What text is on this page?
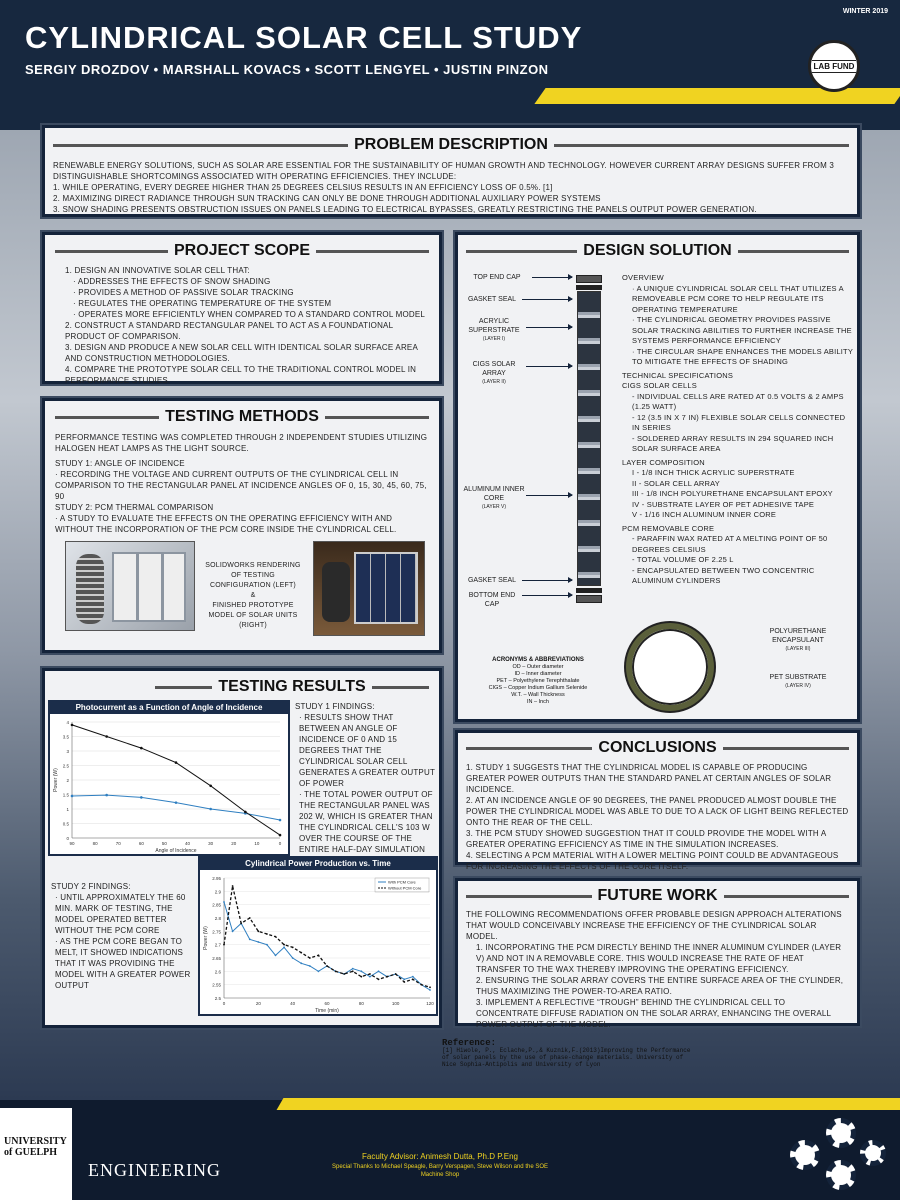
WINTER 2019
CYLINDRICAL SOLAR CELL STUDY
SERGIY DROZDOV • MARSHALL KOVACS • SCOTT LENGYEL • JUSTIN PINZON	LAB FUND
PROBLEM DESCRIPTION

RENEWABLE ENERGY SOLUTIONS, SUCH AS SOLAR ARE ESSENTIAL FOR THE SUSTAINABILITY OF HUMAN GROWTH AND TECHNOLOGY. HOWEVER CURRENT ARRAY DESIGNS SUFFER FROM 3 DISTINGUISHABLE SHORTCOMINGS ASSOCIATED WITH OPERATING EFFICIENCIES. THEY INCLUDE:

1. WHILE OPERATING, EVERY DEGREE HIGHER THAN 25 DEGREES CELSIUS RESULTS IN AN EFFICIENCY LOSS OF 0.5%. [1]

2. MAXIMIZING DIRECT RADIANCE THROUGH SUN TRACKING CAN ONLY BE DONE THROUGH ADDITIONAL AUXILIARY POWER SYSTEMS

3. SNOW SHADING PRESENTS OBSTRUCTION ISSUES ON PANELS LEADING TO ELECTRICAL BYPASSES, GREATLY RESTRICTING THE PANELS OUTPUT POWER GENERATION.

PROJECT SCOPE

1. DESIGN AN INNOVATIVE SOLAR CELL THAT:

· ADDRESSES THE EFFECTS OF SNOW SHADING

· PROVIDES A METHOD OF PASSIVE SOLAR TRACKING

· REGULATES THE OPERATING TEMPERATURE OF THE SYSTEM

· OPERATES MORE EFFICIENTLY WHEN COMPARED TO A STANDARD CONTROL MODEL

2. CONSTRUCT A STANDARD RECTANGULAR PANEL TO ACT AS A FOUNDATIONAL PRODUCT OF COMPARISON.

3. DESIGN AND PRODUCE A NEW SOLAR CELL WITH IDENTICAL SOLAR SURFACE AREA AND CONSTRUCTION METHODOLOGIES.

4. COMPARE THE PROTOTYPE SOLAR CELL TO THE TRADITIONAL CONTROL MODEL IN PERFORMANCE STUDIES.

TESTING METHODS

PERFORMANCE TESTING WAS COMPLETED THROUGH 2 INDEPENDENT STUDIES UTILIZING HALOGEN HEAT LAMPS AS THE LIGHT SOURCE.

STUDY 1: ANGLE OF INCIDENCE

· RECORDING THE VOLTAGE AND CURRENT OUTPUTS OF THE CYLINDRICAL CELL IN COMPARISON TO THE RECTANGULAR PANEL AT INCIDENCE ANGLES OF 0, 15, 30, 45, 60, 75, 90

STUDY 2: PCM THERMAL COMPARISON

· A STUDY TO EVALUATE THE EFFECTS ON THE OPERATING EFFICIENCY WITH AND WITHOUT THE INCORPORATION OF THE PCM CORE INSIDE THE CYLINDRICAL CELL.

SOLIDWORKS RENDERING OF TESTING CONFIGURATION (LEFT)

&

FINISHED PROTOTYPE MODEL OF SOLAR UNITS (RIGHT)

TESTING RESULTS

STUDY 1 FINDINGS:

· RESULTS SHOW THAT BETWEEN AN ANGLE OF INCIDENCE OF 0 AND 15 DEGREES THAT THE CYLINDRICAL SOLAR CELL GENERATES A GREATER OUTPUT OF POWER

· THE TOTAL POWER OUTPUT OF THE RECTANGULAR PANEL WAS 202 W, WHICH IS GREATER THAN THE CYLINDRICAL CELL'S 103 W OVER THE COURSE OF THE ENTIRE HALF-DAY SIMULATION

STUDY 2 FINDINGS:

· UNTIL APPROXIMATELY THE 60 MIN. MARK OF TESTING, THE MODEL OPERATED BETTER WITHOUT THE PCM CORE

· AS THE PCM CORE BEGAN TO MELT, IT SHOWED INDICATIONS THAT IT WAS PROVIDING THE MODEL WITH A GREATER POWER OUTPUT

Photocurrent as a Function of Angle of Incidence
0
0.5
1
1.5
2
2.5
3
3.5
4
90	80	70	60	50	40	30	20	10	0
Angle of Incidence
Power (W)
Cylindrical Power Production vs. Time
2.5
2.55
2.6
2.65
2.7
2.75
2.8
2.85
2.9
2.95
0	20	40	60	80	100	120
Time (min)
Power (W)
With PCM Core
Without PCM Core
DESIGN SOLUTION
TOP END CAP
GASKET SEAL
ACRYLIC SUPERSTRATE
(LAYER I)
CIGS SOLAR ARRAY
(LAYER II)
ALUMINUM INNER CORE
(LAYER V)
GASKET SEAL
BOTTOM END CAP

OVERVIEW

· A UNIQUE CYLINDRICAL SOLAR CELL THAT UTILIZES A REMOVEABLE PCM CORE TO HELP REGULATE ITS OPERATING TEMPERATURE

· THE CYLINDRICAL GEOMETRY PROVIDES PASSIVE SOLAR TRACKING ABILITIES TO FURTHER INCREASE THE SYSTEMS PERFORMANCE EFFICIENCY

· THE CIRCULAR SHAPE ENHANCES THE MODELS ABILITY TO MITIGATE THE EFFECTS OF SHADING

TECHNICAL SPECIFICATIONS

CIGS SOLAR CELLS

- INDIVIDUAL CELLS ARE RATED AT 0.5 VOLTS & 2 AMPS (1.25 WATT)

- 12 (3.5 IN X 7 IN) FLEXIBLE SOLAR CELLS CONNECTED IN SERIES

- SOLDERED ARRAY RESULTS IN 294 SQUARED INCH SOLAR SURFACE AREA

LAYER COMPOSITION

I - 1/8 INCH THICK ACRYLIC SUPERSTRATE

II - SOLAR CELL ARRAY

III - 1/8 INCH POLYURETHANE ENCAPSULANT EPOXY

IV - SUBSTRATE LAYER OF PET ADHESIVE TAPE

V - 1/16 INCH ALUMINUM INNER CORE

PCM REMOVABLE CORE

- PARAFFIN WAX RATED AT A MELTING POINT OF 50 DEGREES CELSIUS

- TOTAL VOLUME OF 2.25 L

- ENCAPSULATED BETWEEN TWO CONCENTRIC ALUMINUM CYLINDERS

POLYURETHANE ENCAPSULANT
(LAYER III)
PET SUBSTRATE
(LAYER IV)
ACRONYMS & ABBREVIATIONS
OD – Outer diameter
ID – Inner diameter
PET – Polyethylene Terephthalate
CIGS – Copper Indium Gallium Selenide
W.T. – Wall Thickness
IN – Inch
CONCLUSIONS

1. STUDY 1 SUGGESTS THAT THE CYLINDRICAL MODEL IS CAPABLE OF PRODUCING GREATER POWER OUTPUTS THAN THE STANDARD PANEL AT CERTAIN ANGLES OF SOLAR INCIDENCE.

2. AT AN INCIDENCE ANGLE OF 90 DEGREES, THE PANEL PRODUCED ALMOST DOUBLE THE POWER THE CYLINDRICAL MODEL WAS ABLE TO DUE TO A LACK OF LIGHT BEING REFLECTED ONTO THE REAR OF THE CELL.

3. THE PCM STUDY SHOWED SUGGESTION THAT IT COULD PROVIDE THE MODEL WITH A GREATER OPERATING EFFICIENCY AS TIME IN THE SIMULATION INCREASES.

4. SELECTING A PCM MATERIAL WITH A LOWER MELTING POINT COULD BE ADVANTAGEOUS FOR INCREASING THE EFFECTS OF THE CORE ITSELF.

FUTURE WORK

THE FOLLOWING RECOMMENDATIONS OFFER PROBABLE DESIGN APPROACH ALTERATIONS THAT WOULD CONCEIVABLY INCREASE THE EFFICIENCY OF THE CYLINDRICAL SOLAR MODEL.

1. INCORPORATING THE PCM DIRECTLY BEHIND THE INNER ALUMINUM CYLINDER (LAYER V) AND NOT IN A REMOVABLE CORE. THIS WOULD INCREASE THE RATE OF HEAT TRANSFER TO THE WAX THEREBY IMPROVING THE OPERATING EFFICIENCY.

2. ENSURING THE SOLAR ARRAY COVERS THE ENTIRE SURFACE AREA OF THE CYLINDER, THUS MAXIMIZING THE POWER-TO-AREA RATIO.

3. IMPLEMENT A REFLECTIVE “TROUGH” BEHIND THE CYLINDRICAL CELL TO CONCENTRATE DIFFUSE RADIATION ON THE SOLAR ARRAY, ENHANCING THE OVERALL POWER OUTPUT OF THE MODEL.

Reference:
[1] Hiwole, P., Eclache,P.,& Kuznik,F.(2013)Improving the Performance of solar panels by the use of phase-change materials. University of Nice Sophia-Antipolis and University of Lyon
UNIVERSITY
of GUELPH
ENGINEERING
Faculty Advisor: Animesh Dutta, Ph.D P.Eng
Special Thanks to Michael Speagle, Barry Verspagen, Steve Wilson and the SOE Machine Shop
